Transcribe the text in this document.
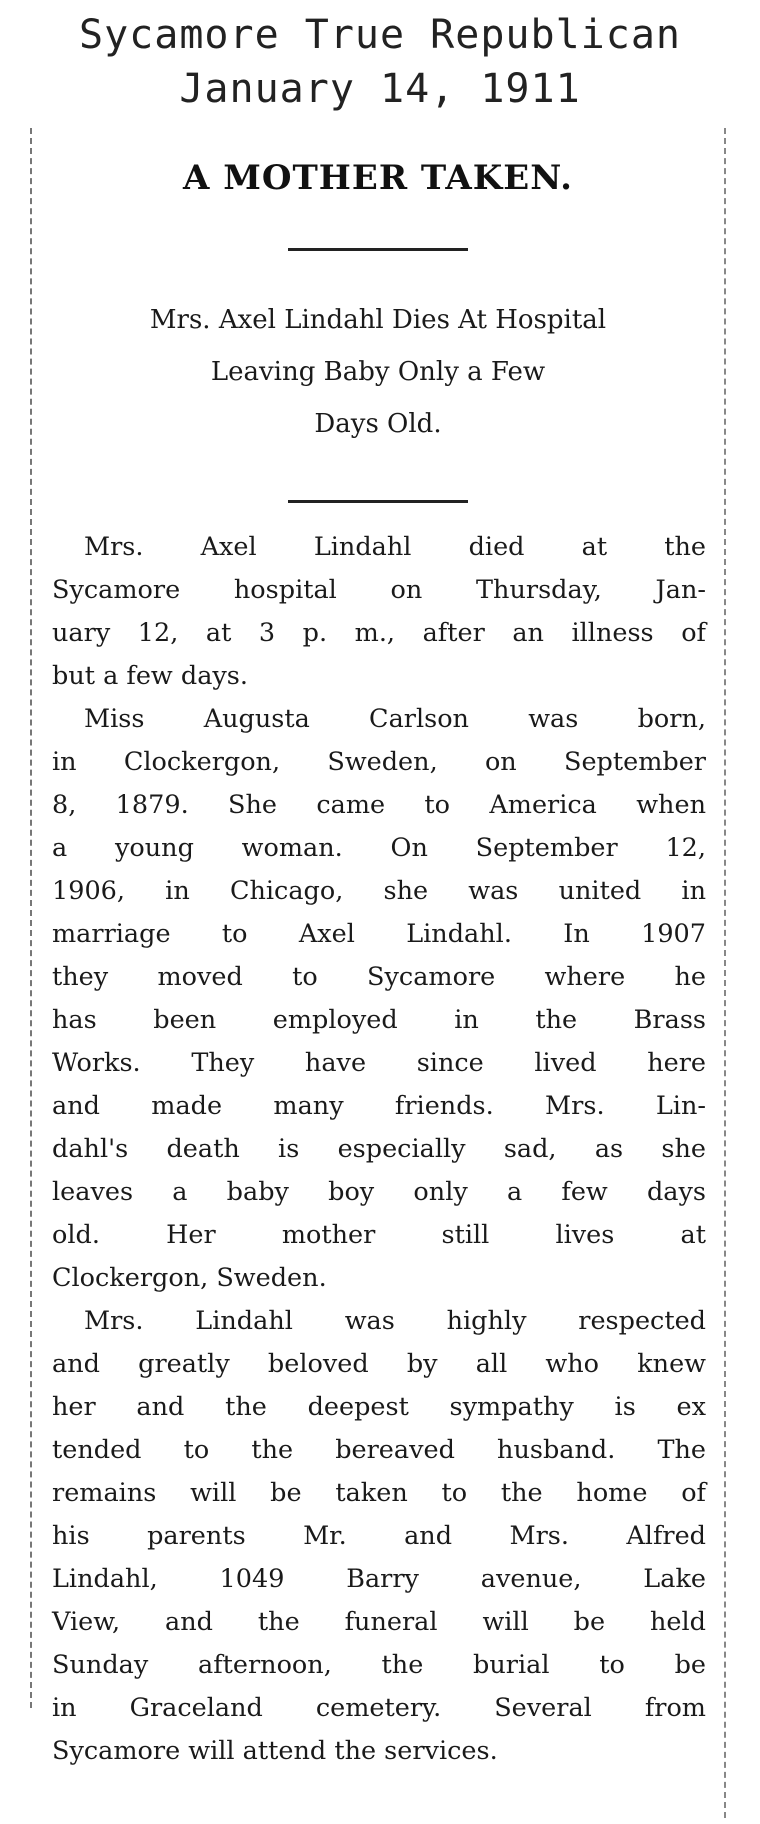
Sycamore True Republican
January 14, 1911
A MOTHER TAKEN.
Mrs. Axel Lindahl Dies At Hospital
Leaving Baby Only a Few
Days Old.
Mrs. Axel Lindahl died at the
Sycamore hospital on Thursday, Jan-
uary 12, at 3 p. m., after an illness of
but a few days.
Miss Augusta Carlson was born,
in Clockergon, Sweden, on September
8, 1879. She came to America when
a young woman. On September 12,
1906, in Chicago, she was united in
marriage to Axel Lindahl. In 1907
they moved to Sycamore where he
has been employed in the Brass
Works. They have since lived here
and made many friends. Mrs. Lin-
dahl's death is especially sad, as she
leaves a baby boy only a few days
old. Her mother still lives at
Clockergon, Sweden.
Mrs. Lindahl was highly respected
and greatly beloved by all who knew
her and the deepest sympathy is ex
tended to the bereaved husband. The
remains will be taken to the home of
his parents Mr. and Mrs. Alfred
Lindahl, 1049 Barry avenue, Lake
View, and the funeral will be held
Sunday afternoon, the burial to be
in Graceland cemetery. Several from
Sycamore will attend the services.
